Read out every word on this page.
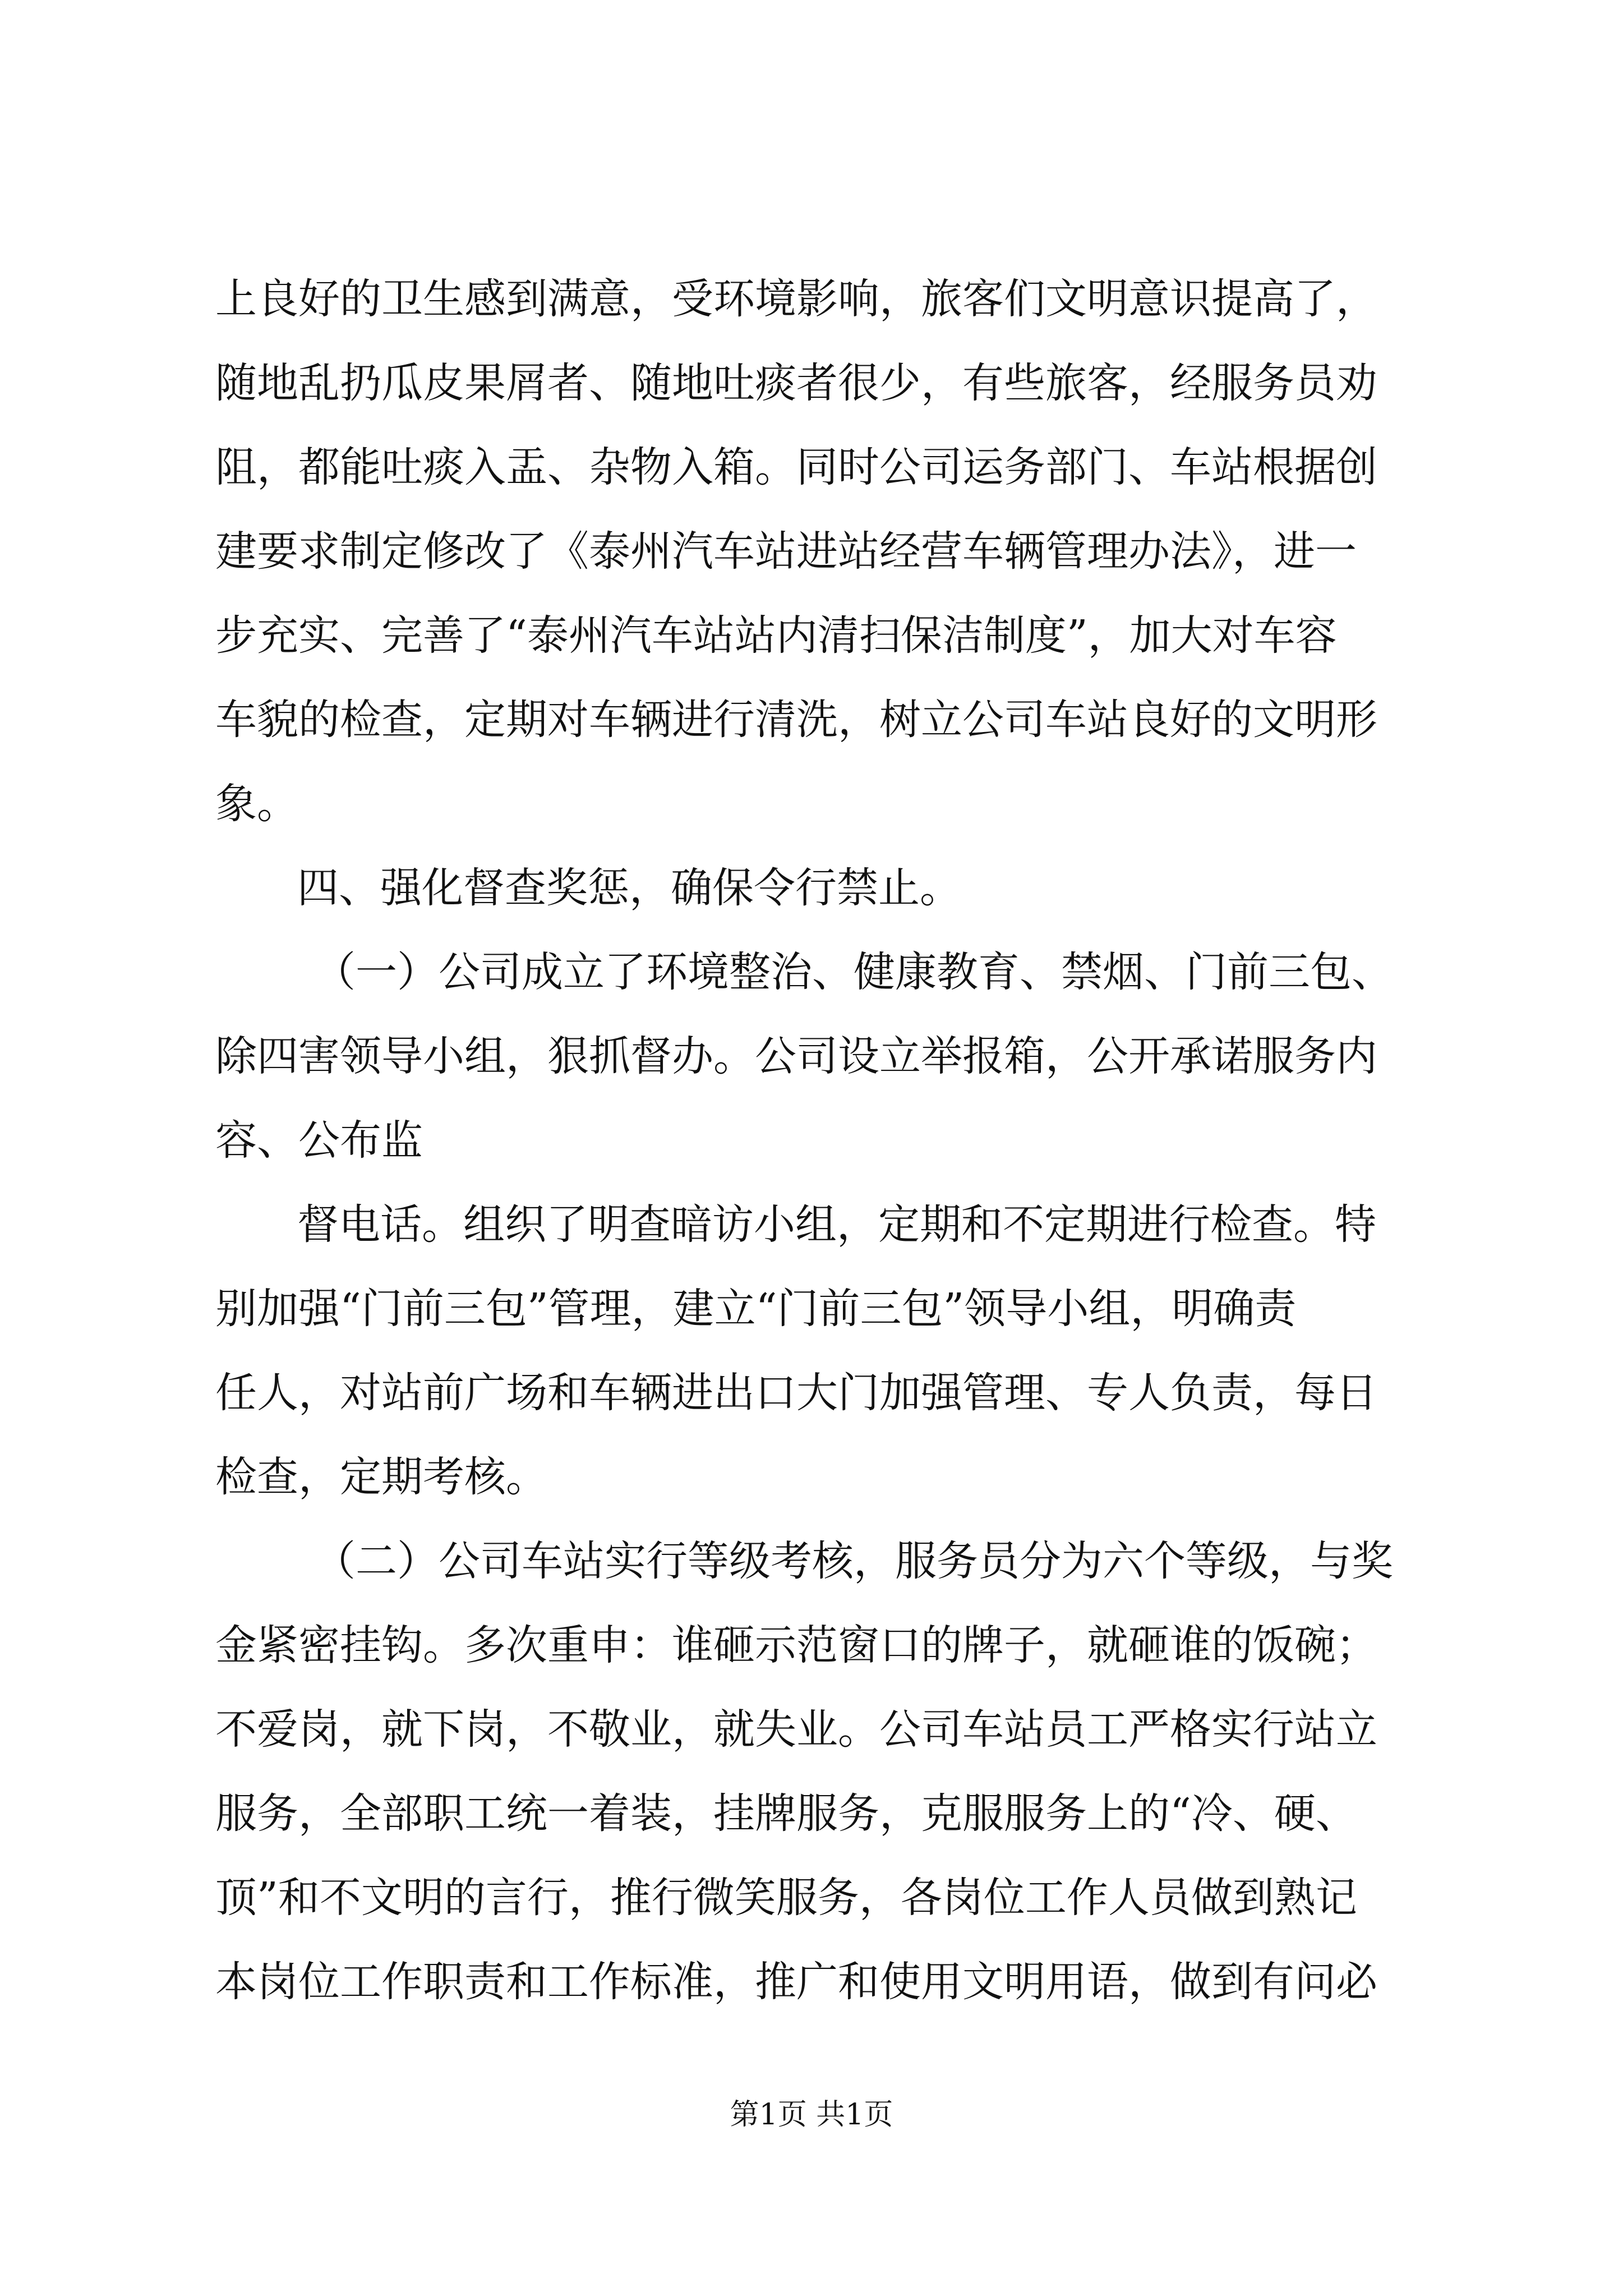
上良好的卫生感到满意，受环境影响，旅客们文明意识提高了，
随地乱扔瓜皮果屑者、随地吐痰者很少，有些旅客，经服务员劝
阻，都能吐痰入盂、杂物入箱。同时公司运务部门、车站根据创
建要求制定修改了《泰州汽车站进站经营车辆管理办法》，进一
步充实、完善了“泰州汽车站站内清扫保洁制度”，加大对车容
车貌的检查，定期对车辆进行清洗，树立公司车站良好的文明形
象。
四、强化督查奖惩，确保令行禁止。
（一）公司成立了环境整治、健康教育、禁烟、门前三包、
除四害领导小组，狠抓督办。公司设立举报箱，公开承诺服务内
容、公布监
督电话。组织了明查暗访小组，定期和不定期进行检查。特
别加强“门前三包”管理，建立“门前三包”领导小组，明确责
任人，对站前广场和车辆进出口大门加强管理、专人负责，每日
检查，定期考核。
（二）公司车站实行等级考核，服务员分为六个等级，与奖
金紧密挂钩。多次重申：谁砸示范窗口的牌子，就砸谁的饭碗；
不爱岗，就下岗，不敬业，就失业。公司车站员工严格实行站立
服务，全部职工统一着装，挂牌服务，克服服务上的“冷、硬、
顶”和不文明的言行，推行微笑服务，各岗位工作人员做到熟记
本岗位工作职责和工作标准，推广和使用文明用语，做到有问必
第1页 共1页
